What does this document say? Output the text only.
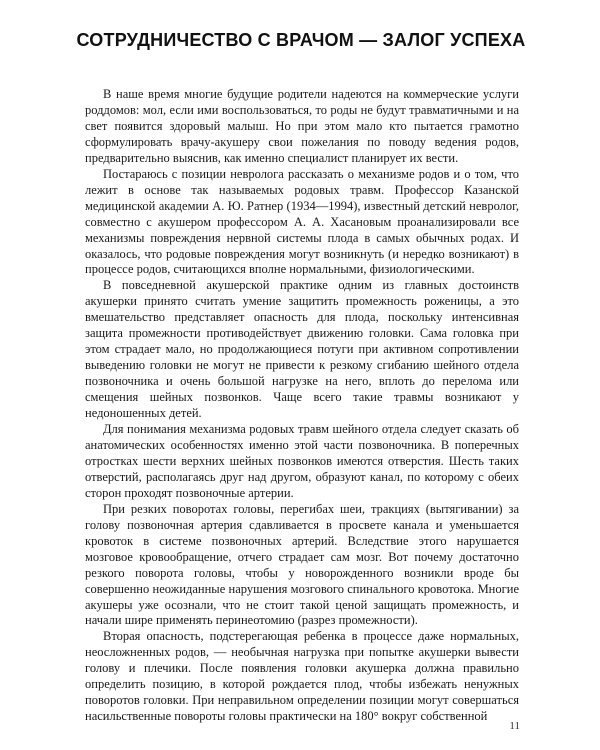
СОТРУДНИЧЕСТВО С ВРАЧОМ — ЗАЛОГ УСПЕХА

В наше время многие будущие родители надеются на коммерческие услуги роддомов: мол, если ими воспользоваться, то роды не будут травматичными и на свет появится здоровый малыш. Но при этом мало кто пытается грамотно сформулировать врачу-акушеру свои пожелания по поводу ведения родов, предварительно выяснив, как именно специалист планирует их вести.

Постараюсь с позиции невролога рассказать о механизме родов и о том, что лежит в основе так называемых родовых травм. Профессор Казанской медицинской академии А. Ю. Ратнер (1934—1994), известный детский невролог, совместно с акушером профессором А. А. Хасановым проанализировали все механизмы повреждения нервной системы плода в самых обычных родах. И оказалось, что родовые повреждения могут возникнуть (и нередко возникают) в процессе родов, считающихся вполне нормальными, физиологическими.

В повседневной акушерской практике одним из главных достоинств акушерки принято считать умение защитить промежность роженицы, а это вмешательство представляет опасность для плода, поскольку интенсивная защита промежности противодействует движению головки. Сама головка при этом страдает мало, но продолжающиеся потуги при активном сопротивлении выведению головки не могут не привести к резкому сгибанию шейного отдела позвоночника и очень большой нагрузке на него, вплоть до перелома или смещения шейных позвонков. Чаще всего такие травмы возникают у недоношенных детей.

Для понимания механизма родовых травм шейного отдела следует сказать об анатомических особенностях именно этой части позвоночника. В поперечных отростках шести верхних шейных позвонков имеются отверстия. Шесть таких отверстий, располагаясь друг над другом, образуют канал, по которому с обеих сторон проходят позвоночные артерии.

При резких поворотах головы, перегибах шеи, тракциях (вытягивании) за голову позвоночная артерия сдавливается в просвете канала и уменьшается кровоток в системе позвоночных артерий. Вследствие этого нарушается мозговое кровообращение, отчего страдает сам мозг. Вот почему достаточно резкого поворота головы, чтобы у новорожденного возникли вроде бы совершенно неожиданные нарушения мозгового спинального кровотока. Многие акушеры уже осознали, что не стоит такой ценой защищать промежность, и начали шире применять перинеотомию (разрез промежности).

Вторая опасность, подстерегающая ребенка в процессе даже нормальных, неосложненных родов, — необычная нагрузка при попытке акушерки вывести голову и плечики. После появления головки акушерка должна правильно определить позицию, в которой рождается плод, чтобы избежать ненужных поворотов головки. При неправильном определении позиции могут совершаться насильственные повороты головы практически на 180° вокруг собственной

11
